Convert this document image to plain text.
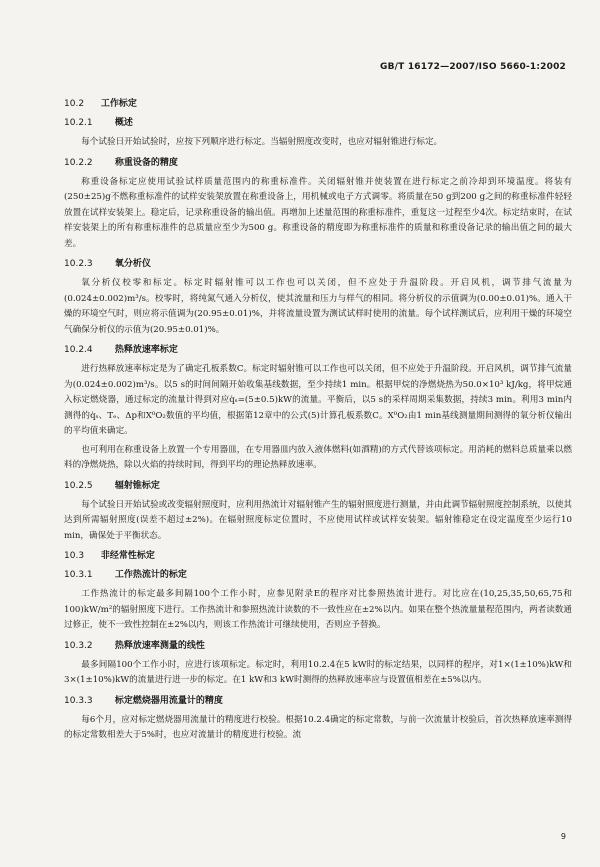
GB/T 16172—2007/ISO 5660-1:2002
10.2 工作标定
10.2.1 概述

每个试验日开始试验时，应按下列顺序进行标定。当辐射照度改变时，也应对辐射锥进行标定。

10.2.2 称重设备的精度

称重设备标定应使用试验试样质量范围内的称重标准件。关闭辐射锥并使装置在进行标定之前冷却到环境温度。将装有(250±25)g不燃称重标准件的试样安装架放置在称重设备上，用机械或电子方式调零。将质量在50 g到200 g之间的称重标准件轻轻放置在试样安装架上。稳定后，记录称重设备的输出值。再增加上述量范围的称重标准件，重复这一过程至少4次。标定结束时，在试样安装架上的所有称重标准件的总质量应至少为500 g。称重设备的精度即为称重标准件的质量和称重设备记录的输出值之间的最大差。

10.2.3 氧分析仪

氧分析仪校零和标定。标定时辐射锥可以工作也可以关闭，但不应处于升温阶段。开启风机，调节排气流量为(0.024±0.002)m³/s。校零时，将纯氮气通入分析仪，使其流量和压力与样气的相同。将分析仪的示值调为(0.00±0.01)%。通入干燥的环境空气时，则应将示值调为(20.95±0.01)%，并将流量设置为测试试样时使用的流量。每个试样测试后，应利用干燥的环境空气确保分析仪的示值为(20.95±0.01)%。

10.2.4 热释放速率标定

进行热释放速率标定是为了确定孔板系数C。标定时辐射锥可以工作也可以关闭，但不应处于升温阶段。开启风机，调节排气流量为(0.024±0.002)m³/s。以5 s的时间间隔开始收集基线数据，至少持续1 min。根据甲烷的净燃烧热为50.0×10³ kJ/kg，将甲烷通入标定燃烧器，通过标定的流量计得到对应q̇ₛ=(5±0.5)kW的流量。平衡后，以5 s的采样周期采集数据，持续3 min。利用3 min内测得的q̇ₛ、Tₑ、Δp和X⁰O₂数值的平均值，根据第12章中的公式(5)计算孔板系数C。X⁰O₂由1 min基线测量期间测得的氧分析仪输出的平均值来确定。

也可利用在称重设备上放置一个专用器皿，在专用器皿内放入液体燃料(如酒精)的方式代替该项标定。用消耗的燃料总质量乘以燃料的净燃烧热，除以火焰的持续时间，得到平均的理论热释放速率。

10.2.5 辐射锥标定

每个试验日开始试验或改变辐射照度时，应利用热流计对辐射锥产生的辐射照度进行测量，并由此调节辐射照度控制系统，以使其达到所需辐射照度(误差不超过±2%)。在辐射照度标定位置时，不应使用试样或试样安装架。辐射锥稳定在设定温度至少运行10 min，确保处于平衡状态。

10.3 非经常性标定
10.3.1 工作热流计的标定

工作热流计的标定最多间隔100个工作小时，应参见附录E的程序对比参照热流计进行。对比应在(10,25,35,50,65,75和100)kW/m²的辐射照度下进行。工作热流计和参照热流计读数的不一致性应在±2%以内。如果在整个热流量量程范围内，两者读数通过修正，使不一致性控制在±2%以内，则该工作热流计可继续使用，否则应予替换。

10.3.2 热释放速率测量的线性

最多间隔100个工作小时，应进行该项标定。标定时，利用10.2.4在5 kW时的标定结果，以同样的程序，对1×(1±10%)kW和3×(1±10%)kW的流量进行进一步的标定。在1 kW和3 kW时测得的热释放速率应与设置值相差在±5%以内。

10.3.3 标定燃烧器用流量计的精度

每6个月，应对标定燃烧器用流量计的精度进行校验。根据10.2.4确定的标定常数，与前一次流量计校验后，首次热释放速率测得的标定常数相差大于5%时，也应对流量计的精度进行校验。流

9
